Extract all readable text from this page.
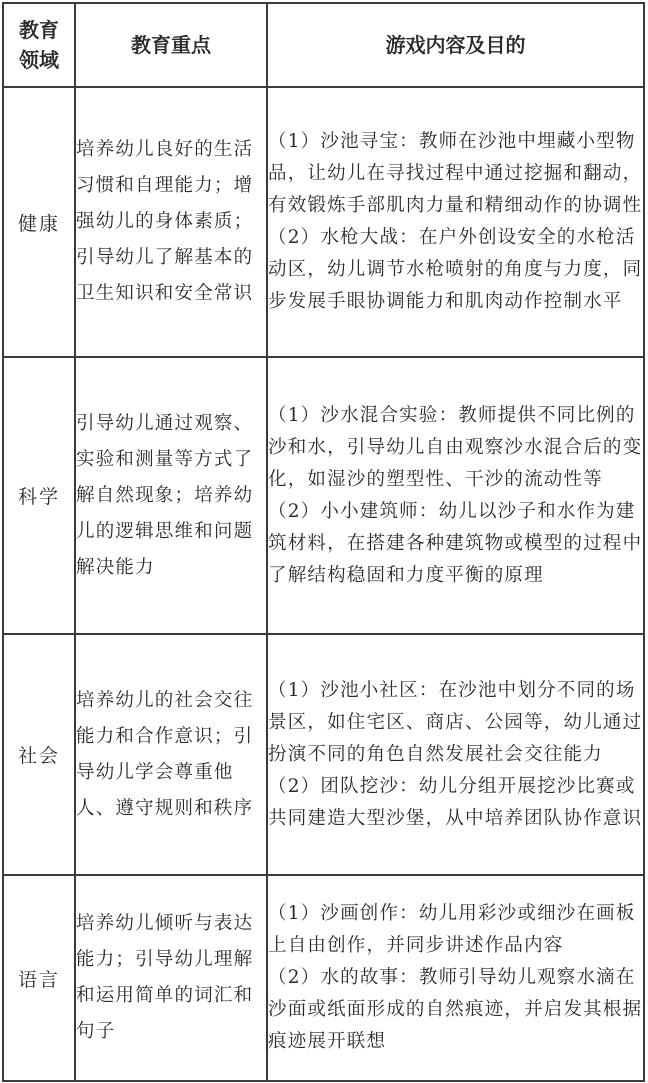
教育领域	教育重点	游戏内容及目的
健康	培养幼儿良好的生活习惯和自理能力；增强幼儿的身体素质；引导幼儿了解基本的卫生知识和安全常识	（1）沙池寻宝：教师在沙池中埋藏小型物品，让幼儿在寻找过程中通过挖掘和翻动，有效锻炼手部肌肉力量和精细动作的协调性
（2）水枪大战：在户外创设安全的水枪活动区，幼儿调节水枪喷射的角度与力度，同步发展手眼协调能力和肌肉动作控制水平

科学	引导幼儿通过观察、实验和测量等方式了解自然现象；培养幼儿的逻辑思维和问题解决能力	（1）沙水混合实验：教师提供不同比例的沙和水，引导幼儿自由观察沙水混合后的变化，如湿沙的塑型性、干沙的流动性等
（2）小小建筑师：幼儿以沙子和水作为建筑材料，在搭建各种建筑物或模型的过程中了解结构稳固和力度平衡的原理

社会	培养幼儿的社会交往能力和合作意识；引导幼儿学会尊重他人、遵守规则和秩序	（1）沙池小社区：在沙池中划分不同的场景区，如住宅区、商店、公园等，幼儿通过扮演不同的角色自然发展社会交往能力
（2）团队挖沙：幼儿分组开展挖沙比赛或共同建造大型沙堡，从中培养团队协作意识

语言	培养幼儿倾听与表达能力；引导幼儿理解和运用简单的词汇和句子	（1）沙画创作：幼儿用彩沙或细沙在画板上自由创作，并同步讲述作品内容
（2）水的故事：教师引导幼儿观察水滴在沙面或纸面形成的自然痕迹，并启发其根据痕迹展开联想
